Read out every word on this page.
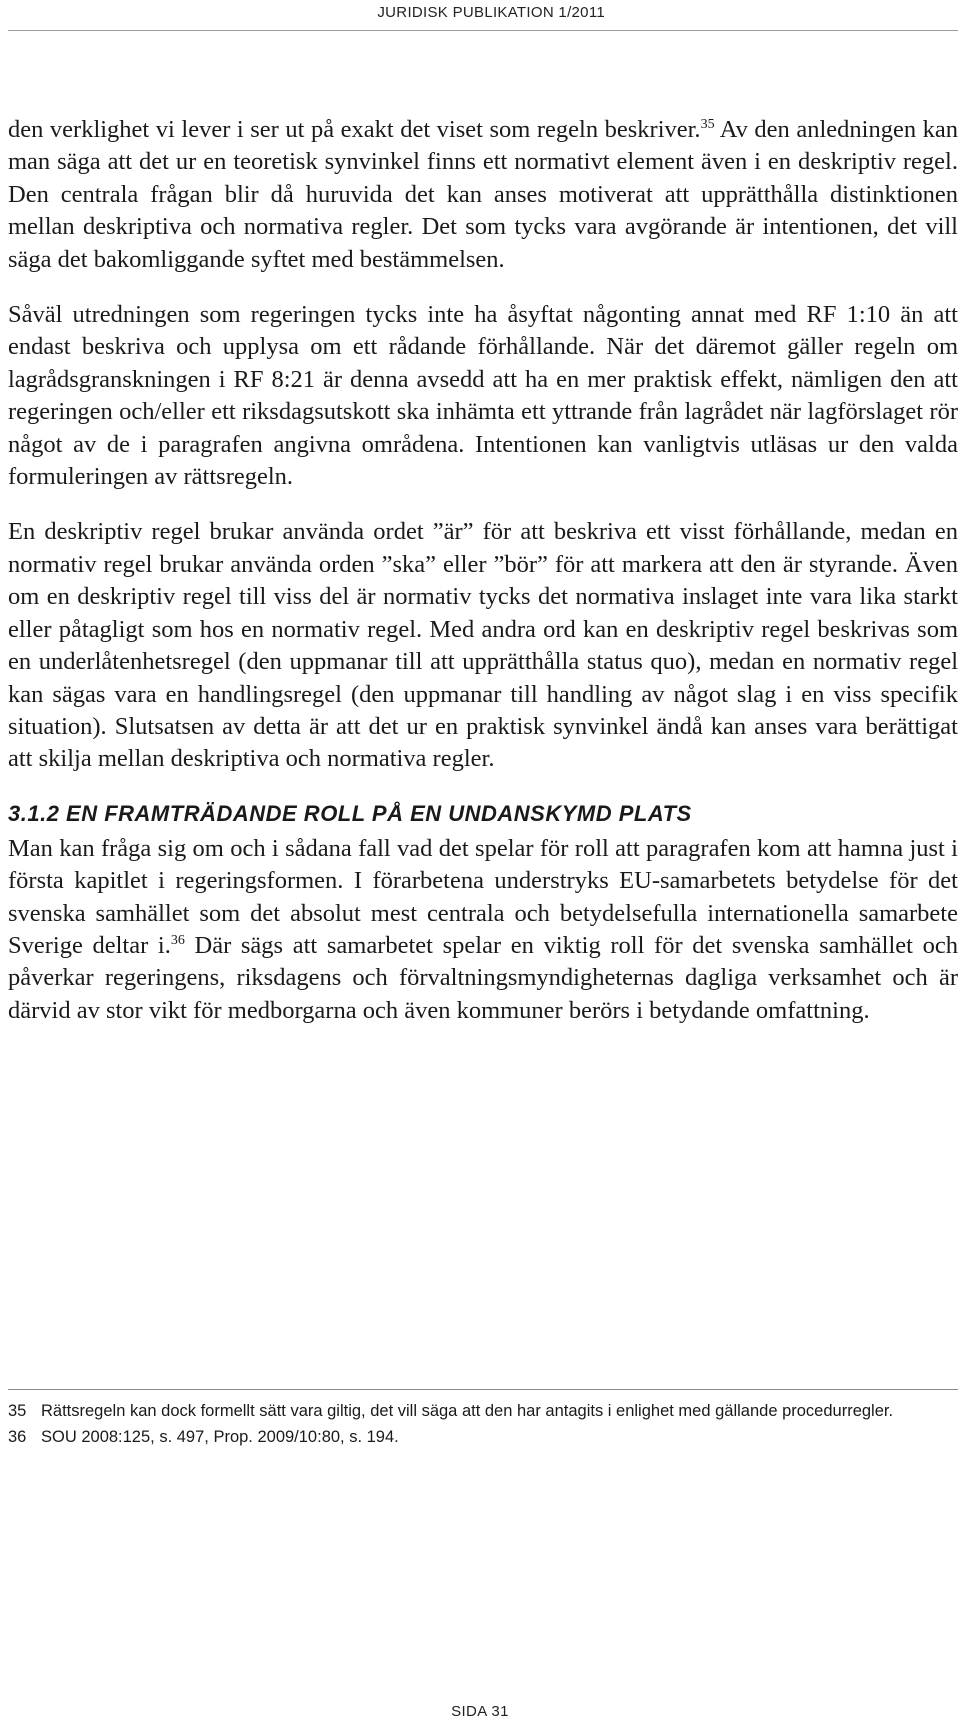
JURIDISK PUBLIKATION 1/2011

den verklighet vi lever i ser ut på exakt det viset som regeln beskriver.$^{35}$ Av den anledningen kan man säga att det ur en teoretisk synvinkel finns ett normativt element även i en deskriptiv regel. Den centrala frågan blir då huruvida det kan anses motiverat att upprätthålla distinktionen mellan deskriptiva och normativa regler. Det som tycks vara avgörande är intentionen, det vill säga det bakomliggande syftet med bestämmelsen.

Såväl utredningen som regeringen tycks inte ha åsyftat någonting annat med RF 1:10 än att endast beskriva och upplysa om ett rådande förhållande. När det däremot gäller regeln om lagrådsgranskningen i RF 8:21 är denna avsedd att ha en mer praktisk effekt, nämligen den att regeringen och/eller ett riksdagsutskott ska inhämta ett yttrande från lagrådet när lagförslaget rör något av de i paragrafen angivna områdena. Intentionen kan vanligtvis utläsas ur den valda formuleringen av rättsregeln.

En deskriptiv regel brukar använda ordet ”är” för att beskriva ett visst förhållande, medan en normativ regel brukar använda orden ”ska” eller ”bör” för att markera att den är styrande. Även om en deskriptiv regel till viss del är normativ tycks det normativa inslaget inte vara lika starkt eller påtagligt som hos en normativ regel. Med andra ord kan en deskriptiv regel beskrivas som en underlåtenhetsregel (den uppmanar till att upprätthålla status quo), medan en normativ regel kan sägas vara en handlingsregel (den uppmanar till handling av något slag i en viss specifik situation). Slutsatsen av detta är att det ur en praktisk synvinkel ändå kan anses vara berättigat att skilja mellan deskriptiva och normativa regler.

3.1.2 EN FRAMTRÄDANDE ROLL PÅ EN UNDANSKYMD PLATS

Man kan fråga sig om och i sådana fall vad det spelar för roll att paragrafen kom att hamna just i första kapitlet i regeringsformen. I förarbetena understryks EU-samarbetets betydelse för det svenska samhället som det absolut mest centrala och betydelsefulla internationella samarbete Sverige deltar i.$^{36}$ Där sägs att samarbetet spelar en viktig roll för det svenska samhället och påverkar regeringens, riksdagens och förvaltningsmyndigheternas dagliga verksamhet och är därvid av stor vikt för medborgarna och även kommuner berörs i betydande omfattning.

35 Rättsregeln kan dock formellt sätt vara giltig, det vill säga att den har antagits i enlighet med gällande procedurregler.

36 SOU 2008:125, s. 497, Prop. 2009/10:80, s. 194.

SIDA 31
